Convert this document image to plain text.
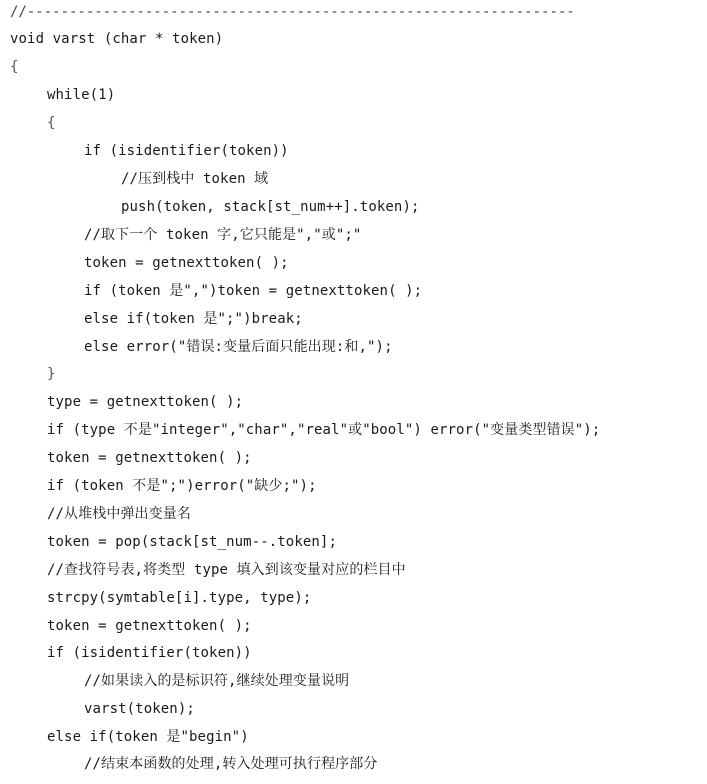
//-----------------------------------------------------------------
void varst (char * token)
{
while(1)
{
if (isidentifier(token))
//压到栈中 token 域
push(token, stack[st_num++].token);
//取下一个 token 字,它只能是","或";"
token = getnexttoken( );
if (token 是",")token = getnexttoken( );
else if(token 是";")break;
else error("错误:变量后面只能出现:和,");
}
type = getnexttoken( );
if (type 不是"integer","char","real"或"bool") error("变量类型错误");
token = getnexttoken( );
if (token 不是";")error("缺少;");
//从堆栈中弹出变量名
token = pop(stack[st_num--.token];
//查找符号表,将类型 type 填入到该变量对应的栏目中
strcpy(symtable[i].type, type);
token = getnexttoken( );
if (isidentifier(token))
//如果读入的是标识符,继续处理变量说明
varst(token);
else if(token 是"begin")
//结束本函数的处理,转入处理可执行程序部分
